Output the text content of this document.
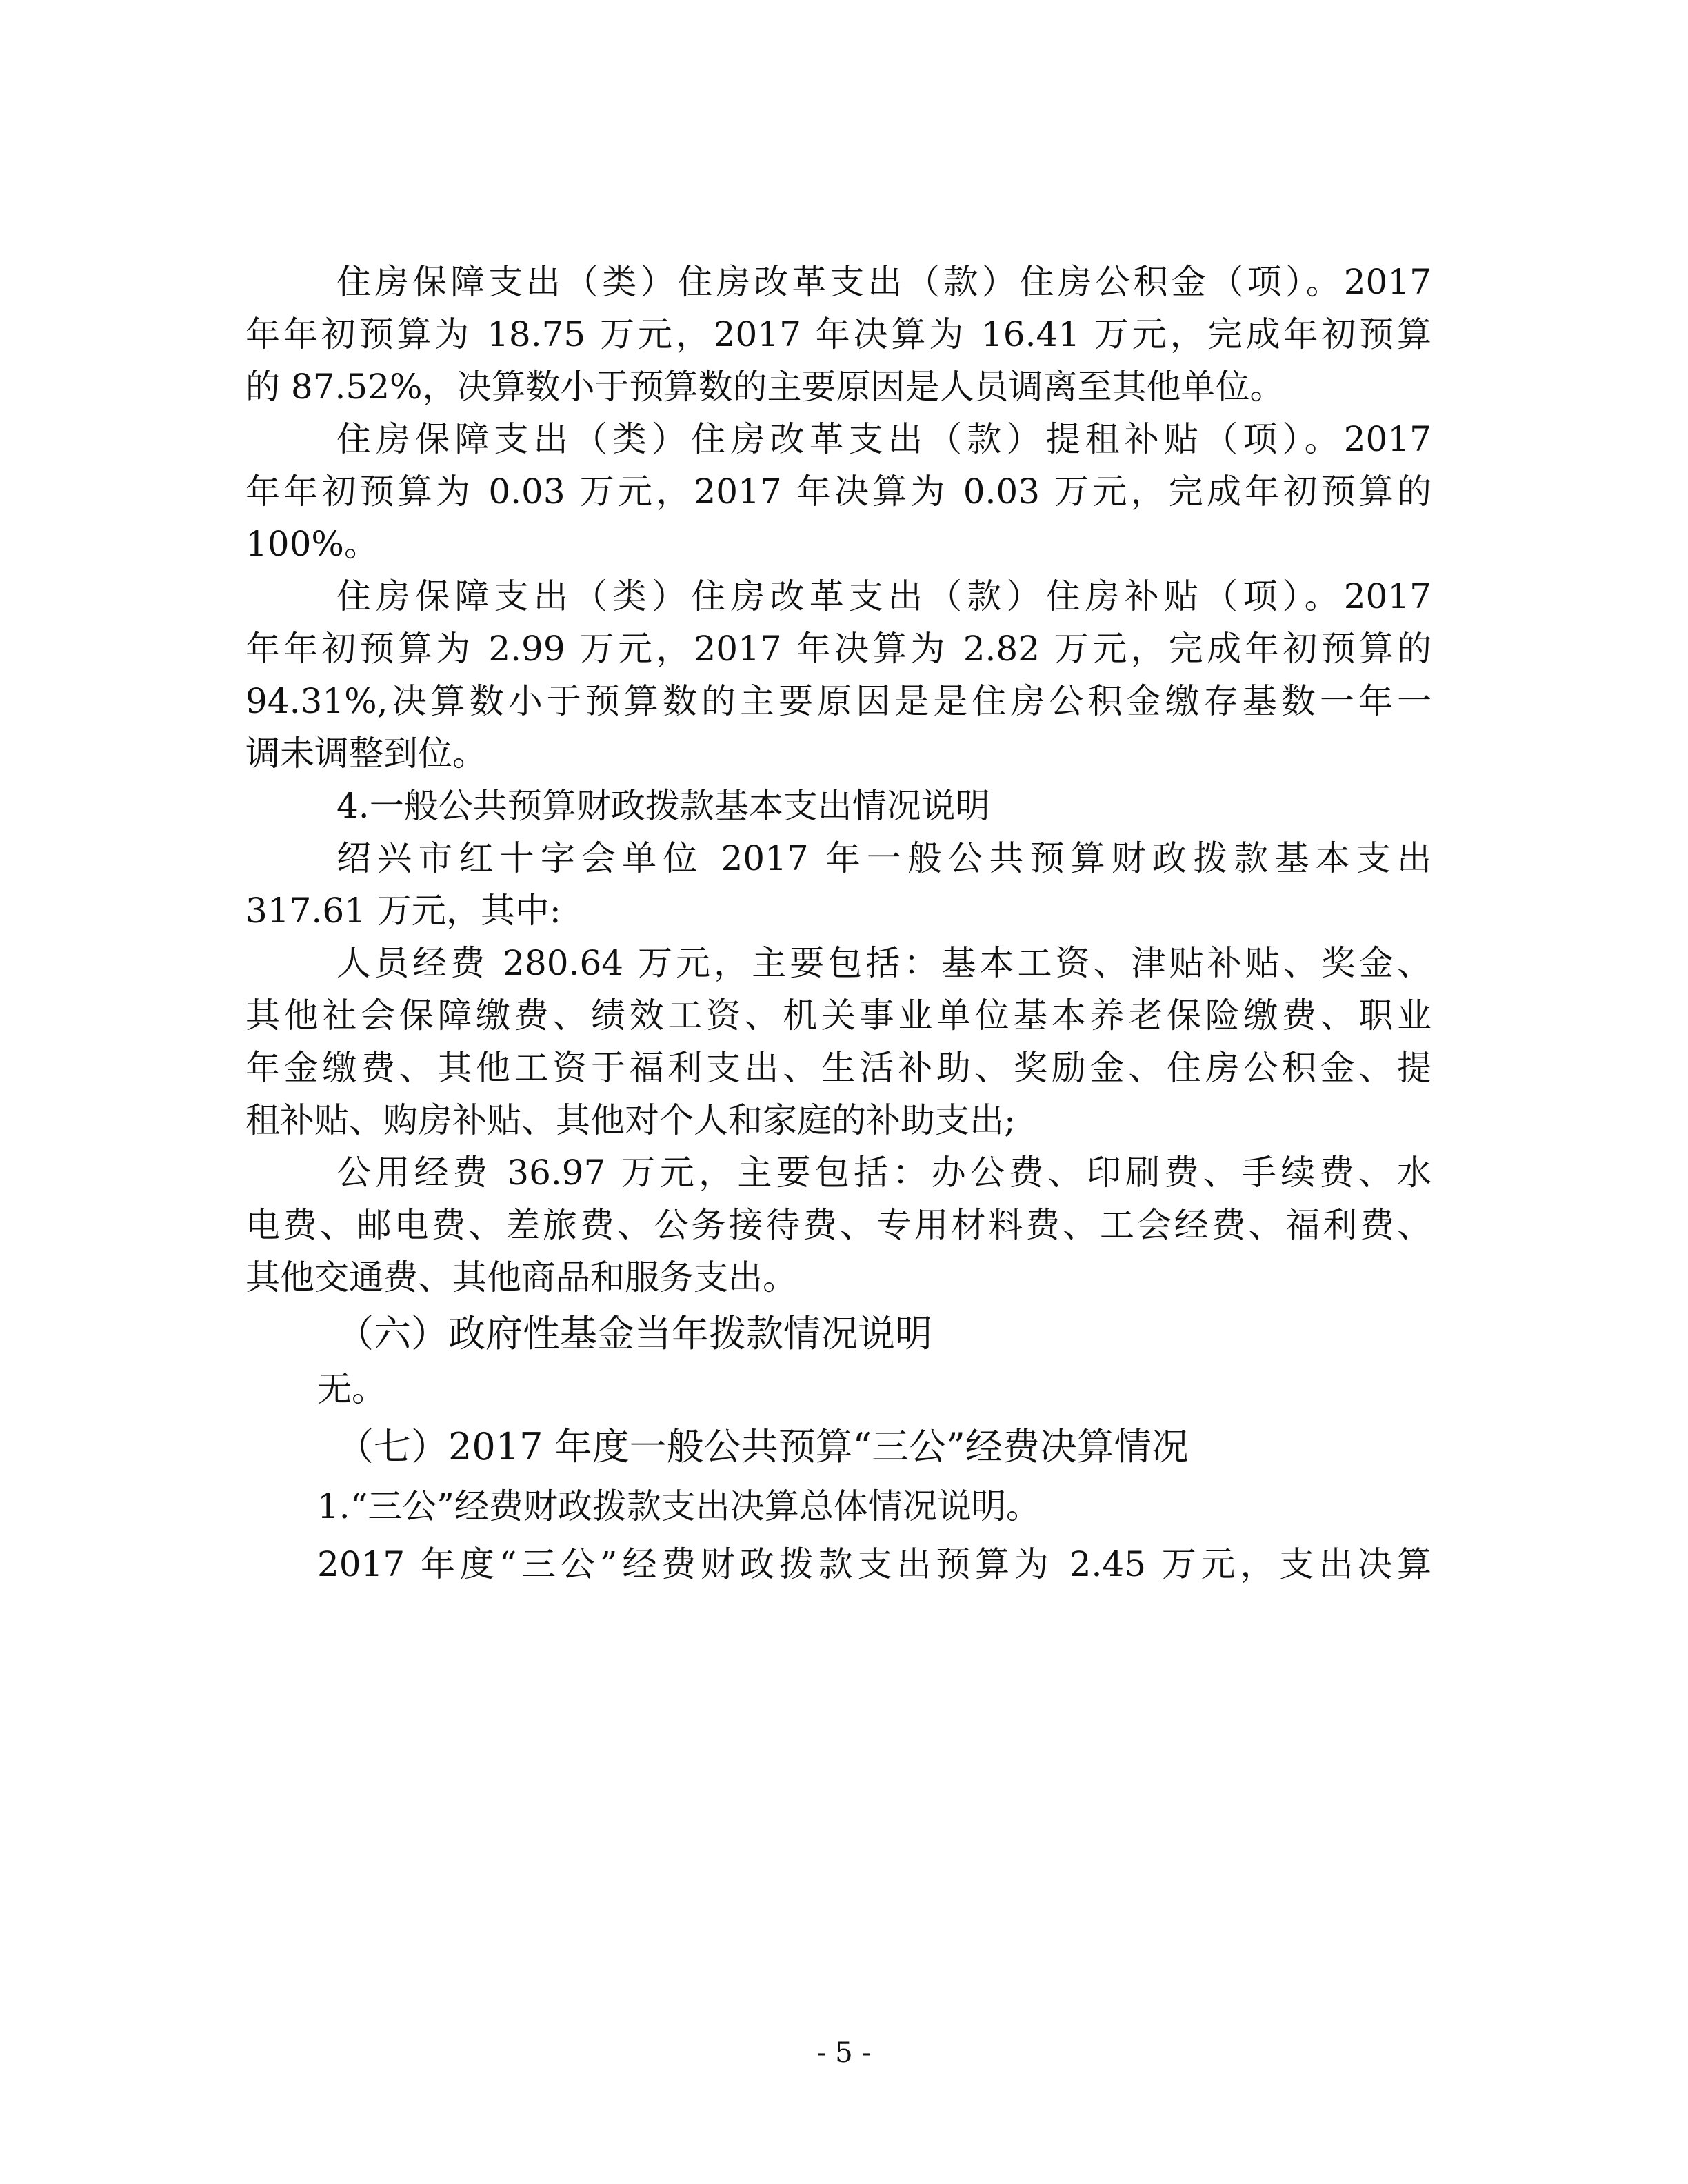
住房保障支出（类）住房改革支出（款）住房公积金（项）。2017

年年初预算为 18.75 万元，2017 年决算为 16.41 万元，完成年初预算

的 87.52%，决算数小于预算数的主要原因是人员调离至其他单位。

住房保障支出（类）住房改革支出（款）提租补贴（项）。2017

年年初预算为 0.03 万元，2017 年决算为 0.03 万元，完成年初预算的

100%。

住房保障支出（类）住房改革支出（款）住房补贴（项）。2017

年年初预算为 2.99 万元，2017 年决算为 2.82 万元，完成年初预算的

94.31%,决算数小于预算数的主要原因是是住房公积金缴存基数一年一

调未调整到位。

4.一般公共预算财政拨款基本支出情况说明

绍兴市红十字会单位 2017 年一般公共预算财政拨款基本支出

317.61 万元，其中:

人员经费 280.64 万元，主要包括：基本工资、津贴补贴、奖金、

其他社会保障缴费、绩效工资、机关事业单位基本养老保险缴费、职业

年金缴费、其他工资于福利支出、生活补助、奖励金、住房公积金、提

租补贴、购房补贴、其他对个人和家庭的补助支出;

公用经费 36.97 万元，主要包括：办公费、印刷费、手续费、水

电费、邮电费、差旅费、公务接待费、专用材料费、工会经费、福利费、

其他交通费、其他商品和服务支出。

（六）政府性基金当年拨款情况说明

无。

（七）2017 年度一般公共预算“三公”经费决算情况

1.“三公”经费财政拨款支出决算总体情况说明。

2017 年度“三公”经费财政拨款支出预算为 2.45 万元，支出决算

- 5 -
